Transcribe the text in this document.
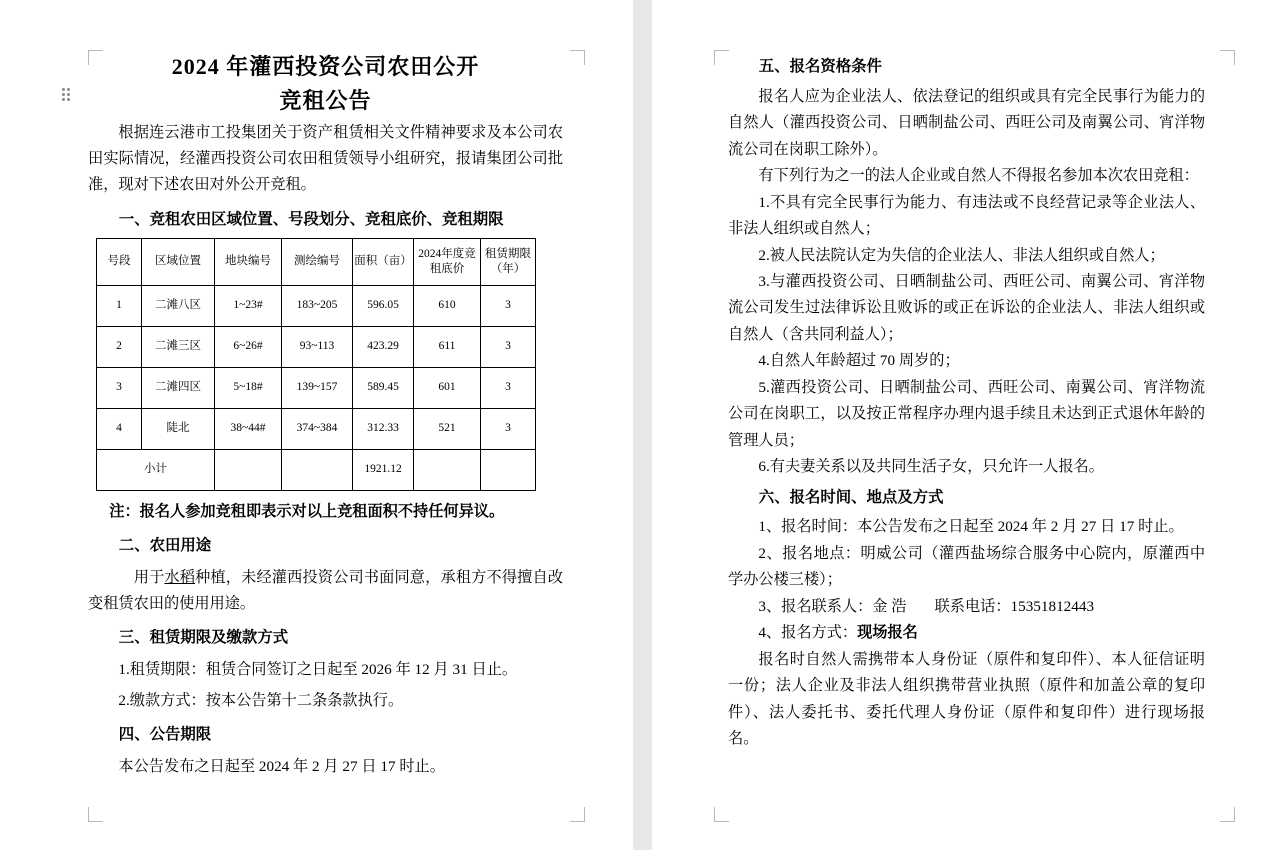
2024 年灌西投资公司农田公开
竞租公告

根据连云港市工投集团关于资产租赁相关文件精神要求及本公司农田实际情况，经灌西投资公司农田租赁领导小组研究，报请集团公司批准，现对下述农田对外公开竞租。

一、竞租农田区域位置、号段划分、竞租底价、竞租期限
号段	区域位置	地块编号	测绘编号	面积（亩）	2024年度竞租底价	租赁期限（年）
1	二滩八区	1~23#	183~205	596.05	610	3
2	二滩三区	6~26#	93~113	423.29	611	3
3	二滩四区	5~18#	139~157	589.45	601	3
4	陡北	38~44#	374~384	312.33	521	3
小计				1921.12		

注：报名人参加竞租即表示对以上竞租面积不持任何异议。

二、农田用途

用于水稻种植，未经灌西投资公司书面同意，承租方不得擅自改变租赁农田的使用用途。

三、租赁期限及缴款方式

1.租赁期限：租赁合同签订之日起至 2026 年 12 月 31 日止。

2.缴款方式：按本公告第十二条条款执行。

四、公告期限

本公告发布之日起至 2024 年 2 月 27 日 17 时止。

五、报名资格条件

报名人应为企业法人、依法登记的组织或具有完全民事行为能力的自然人（灌西投资公司、日晒制盐公司、西旺公司及南翼公司、宵洋物流公司在岗职工除外）。

有下列行为之一的法人企业或自然人不得报名参加本次农田竞租：

1.不具有完全民事行为能力、有违法或不良经营记录等企业法人、非法人组织或自然人；

2.被人民法院认定为失信的企业法人、非法人组织或自然人；

3.与灌西投资公司、日晒制盐公司、西旺公司、南翼公司、宵洋物流公司发生过法律诉讼且败诉的或正在诉讼的企业法人、非法人组织或自然人（含共同利益人）；

4.自然人年龄超过 70 周岁的；

5.灌西投资公司、日晒制盐公司、西旺公司、南翼公司、宵洋物流公司在岗职工，以及按正常程序办理内退手续且未达到正式退休年龄的管理人员；

6.有夫妻关系以及共同生活子女，只允许一人报名。

六、报名时间、地点及方式

1、报名时间：本公告发布之日起至 2024 年 2 月 27 日 17 时止。

2、报名地点：明威公司（灌西盐场综合服务中心院内，原灌西中学办公楼三楼）；

3、报名联系人：金 浩 联系电话：15351812443

4、报名方式：现场报名

报名时自然人需携带本人身份证（原件和复印件）、本人征信证明一份；法人企业及非法人组织携带营业执照（原件和加盖公章的复印件）、法人委托书、委托代理人身份证（原件和复印件）进行现场报名。
